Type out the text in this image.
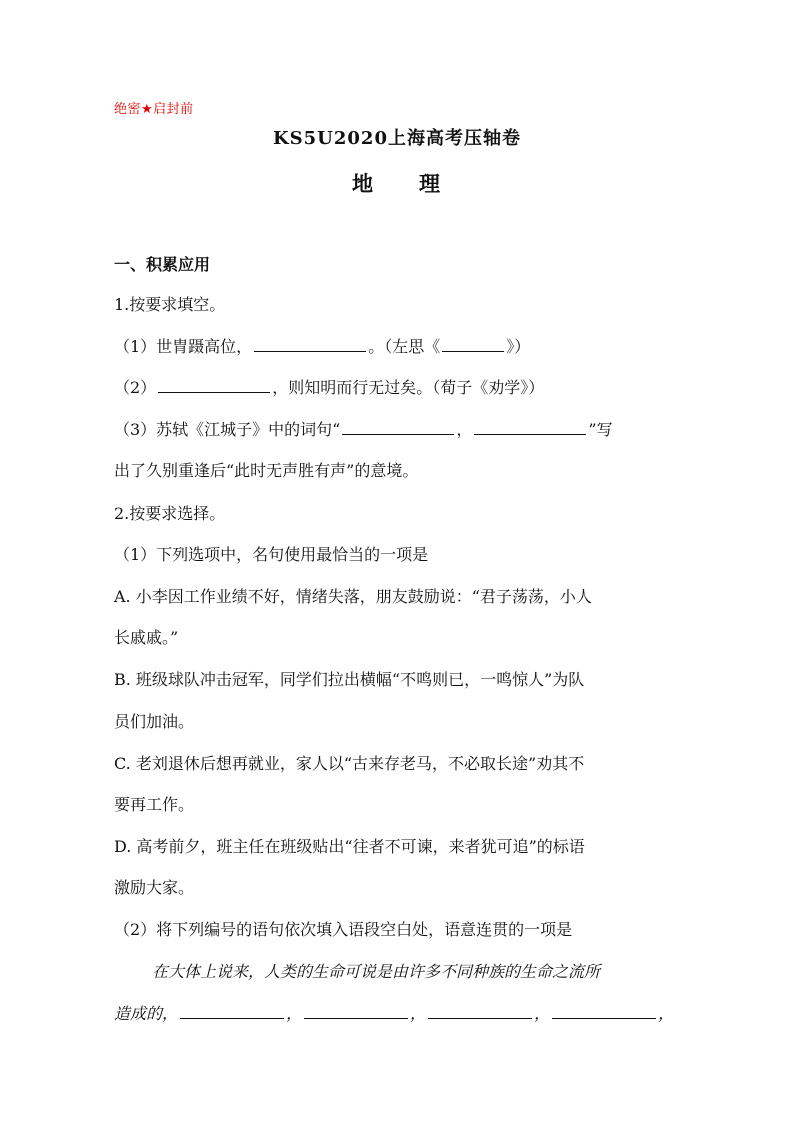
绝密★启封前
KS5U2020上海高考压轴卷
地 理
一、积累应用
1.按要求填空。
（1）世胄蹑高位，	。（左思《	》）
（2）	，则知明而行无过矣。（荀子《劝学》）
（3）苏轼《江城子》中的词句“	，	”写
出了久别重逢后“此时无声胜有声”的意境。
2.按要求选择。
（1）下列选项中，名句使用最恰当的一项是
A. 小李因工作业绩不好，情绪失落，朋友鼓励说：“君子荡荡，小人
长戚戚。”
B. 班级球队冲击冠军，同学们拉出横幅“不鸣则已，一鸣惊人”为队
员们加油。
C. 老刘退休后想再就业，家人以“古来存老马，不必取长途”劝其不
要再工作。
D. 高考前夕，班主任在班级贴出“往者不可谏，来者犹可追”的标语
激励大家。
（2）将下列编号的语句依次填入语段空白处，语意连贯的一项是
在大体上说来，人类的生命可说是由许多不同种族的生命之流所
造成的，	，	，	，	，
